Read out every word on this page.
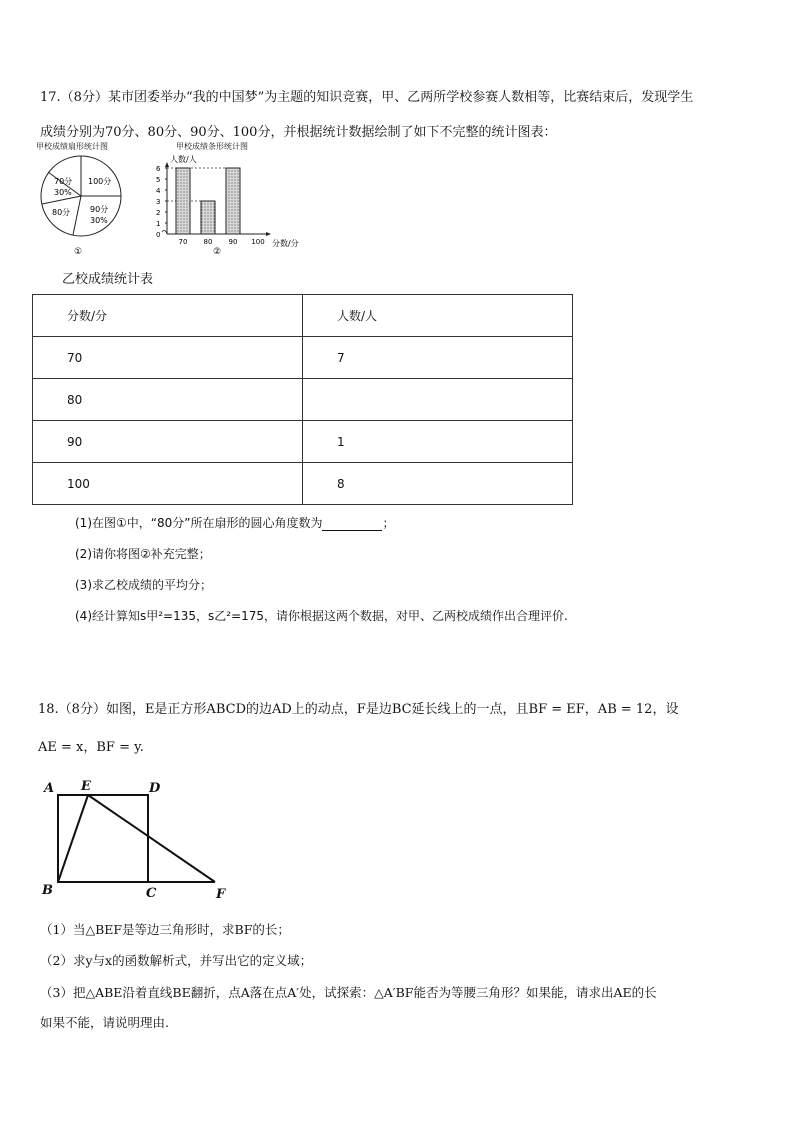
17.（8分）某市团委举办“我的中国梦”为主题的知识竞赛，甲、乙两所学校参赛人数相等，比赛结束后，发现学生

成绩分别为70分、80分、90分、100分，并根据统计数据绘制了如下不完整的统计图表：

甲校成绩扇形统计图
70分
30%
100分
90分
30%
80分
①
甲校成绩条形统计图
人数/人
0
1
2
3
4
5
6
70 80 90 100 分数/分
②
乙校成绩统计表
分数/分	人数/人
70	7
80	
90	1
100	8
(1)在图①中，“80分”所在扇形的圆心角度数为	；
(2)请你将图②补充完整；
(3)求乙校成绩的平均分；
(4)经计算知s甲²=135，s乙²=175，请你根据这两个数据，对甲、乙两校成绩作出合理评价.

18.（8分）如图，E是正方形ABCD的边AD上的动点，F是边BC延长线上的一点，且BF = EF，AB = 12，设

AE = x，BF = y.

A E	D
B	C	F
（1）当△BEF是等边三角形时，求BF的长；
（2）求y与x的函数解析式，并写出它的定义域；
（3）把△ABE沿着直线BE翻折，点A落在点A′处，试探索：△A′BF能否为等腰三角形？如果能，请求出AE的长
如果不能，请说明理由.
